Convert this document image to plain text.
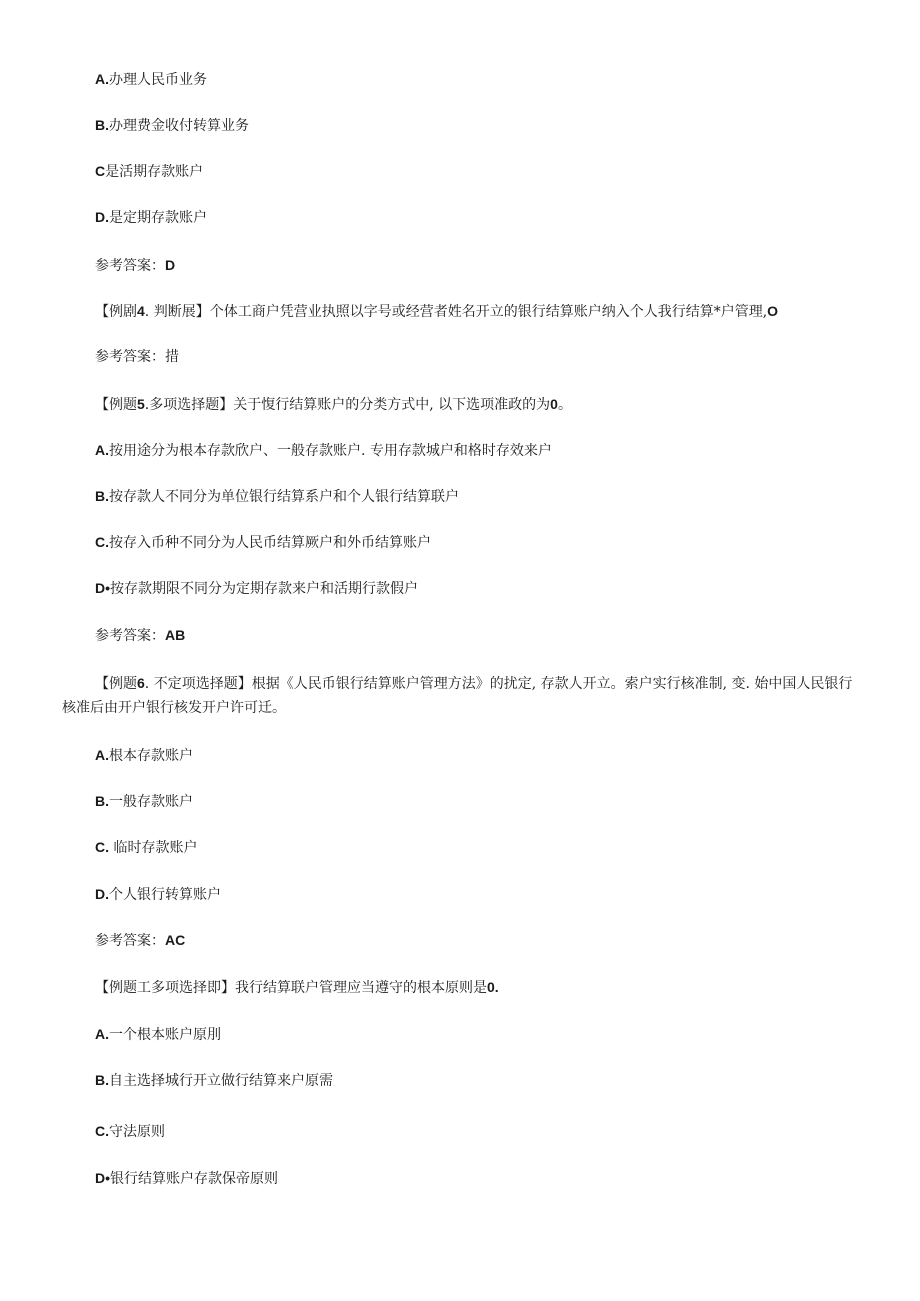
A.办理人民币业务
B.办理费金收付转算业务
C是活期存款账户
D.是定期存款账户
参考答案：D
【例剧4. 判断展】个体工商户凭营业执照以字号或经营者姓名开立的银行结算账户纳入个人我行结算*户管理,O
参考答案：措
【例题5.多项选择题】关于愎行结算账户的分类方式中, 以下选项准政的为0。
A.按用途分为根本存款欣户、一般存款账户. 专用存款城户和格时存效来户
B.按存款人不同分为单位银行结算系户和个人银行结算联户
C.按存入币种不同分为人民币结算厥户和外币结算账户
D•按存款期限不同分为定期存款来户和活期行款假户
参考答案：AB
【例题6. 不定项选择题】根据《人民币银行结算账户管理方法》的扰定, 存款人开立。索户实行核准制, 变. 始中国人民银行核准后由开户银行核发开户许可迁。
A.根本存款账户
B.一般存款账户
C. 临时存款账户
D.个人银行转算账户
参考答案：AC
【例题工多项选择即】我行结算联户管理应当遵守的根本原则是0.
A.一个根本账户原刖
B.自主选择城行开立做行结算来户原需
C.守法原则
D•银行结算账户存款保帝原则
